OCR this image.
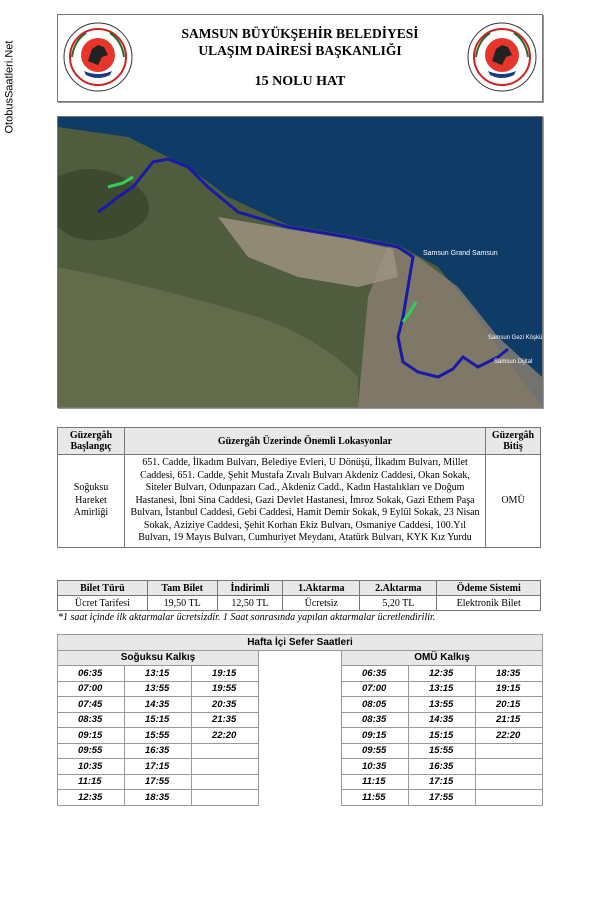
OtobusSaatleri.Net
SAMSUN BÜYÜKŞEHİR BELEDİYESİ
ULAŞIM DAİRESİ BAŞKANLIĞI
15 NOLU HAT
Samsun Grand Samsun
Samsun Gezi Köşkü
Samsun Dijital
Güzergâh Başlangıç	Güzergâh Üzerinde Önemli Lokasyonlar	Güzergâh Bitiş
Soğuksu Hareket Amirliği	651. Cadde, İlkadım Bulvarı, Belediye Evleri, U Dönüşü, İlkadım Bulvarı, Millet Caddesi, 651. Cadde, Şehit Mustafa Zıvalı Bulvarı Akdeniz Caddesi, Okan Sokak, Siteler Bulvarı, Odunpazarı Cad., Akdeniz Cadd., Kadın Hastalıkları ve Doğum Hastanesi, İbni Sina Caddesi, Gazi Devlet Hastanesi, İmroz Sokak, Gazi Ethem Paşa Bulvarı, İstanbul Caddesi, Gebi Caddesi, Hamit Demir Sokak, 9 Eylül Sokak, 23 Nisan Sokak, Aziziye Caddesi, Şehit Korhan Ekiz Bulvarı, Osmaniye Caddesi, 100.Yıl Bulvarı, 19 Mayıs Bulvarı, Cumhuriyet Meydanı, Atatürk Bulvarı, KYK Kız Yurdu	OMÜ
Bilet Türü	Tam Bilet	İndirimli	1.Aktarma	2.Aktarma	Ödeme Sistemi
Ücret Tarifesi	19,50 TL	12,50 TL	Ücretsiz	5,20 TL	Elektronik Bilet
*1 saat içinde ilk aktarmalar ücretsizdir. 1 Saat sonrasında yapılan aktarmalar ücretlendirilir.
Hafta İçi Sefer Saatleri						
Soğuksu Kalkış				OMÜ Kalkış		
06:35	13:15	19:15		06:35	12:35	18:35
07:00	13:55	19:55		07:00	13:15	19:15
07:45	14:35	20:35		08:05	13:55	20:15
08:35	15:15	21:35		08:35	14:35	21:15
09:15	15:55	22:20		09:15	15:15	22:20
09:55	16:35			09:55	15:55	
10:35	17:15			10:35	16:35	
11:15	17:55			11:15	17:15	
12:35	18:35			11:55	17:55	
